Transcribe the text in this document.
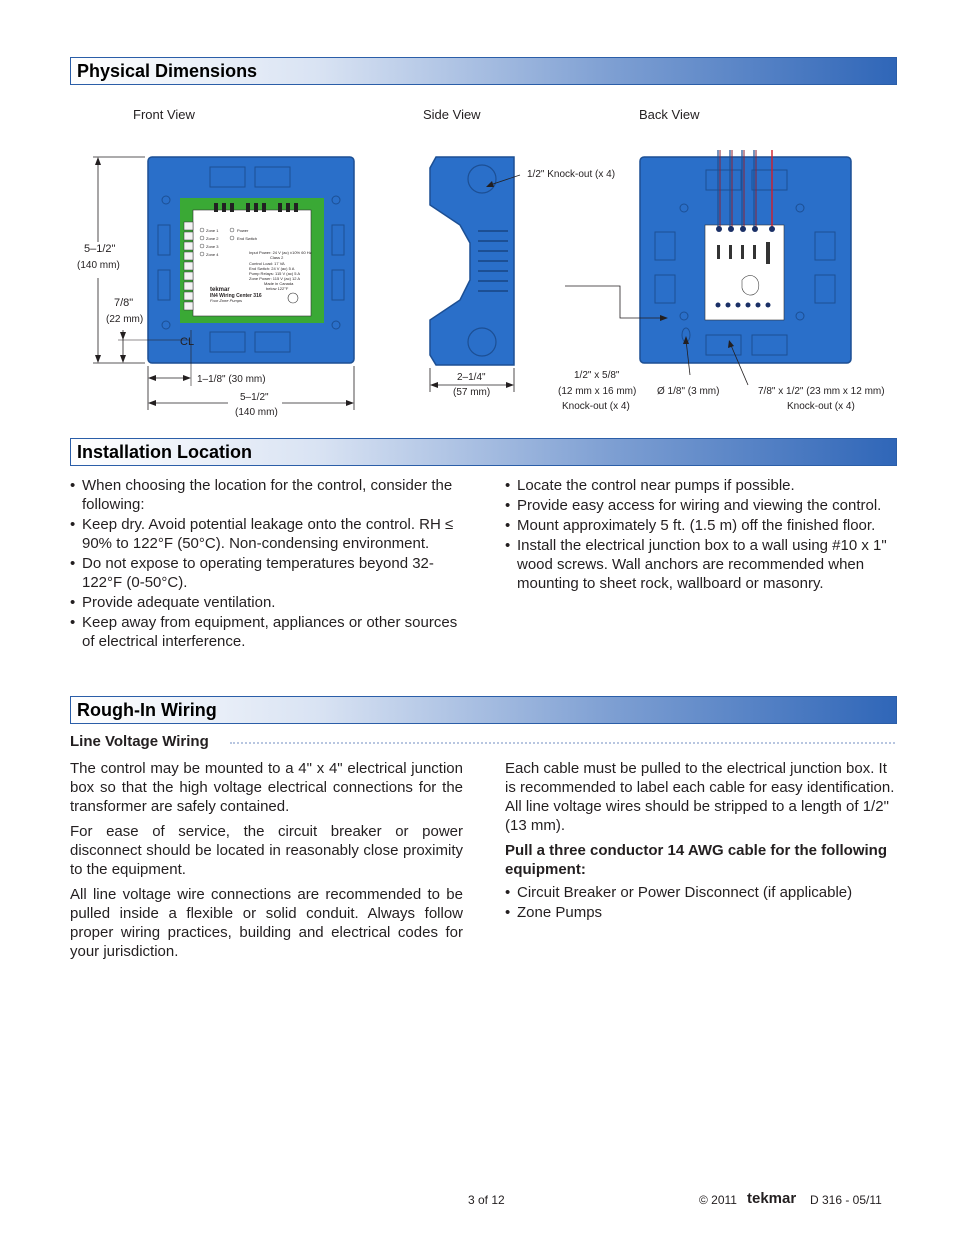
Physical Dimensions
Front View	Side View	Back View
Zone 1
Zone 2
Zone 3
Zone 4
Power
End Switch
Input Power: 24 V (ac) ±10% 60 Hz
Class 2
Control Load: 17 VA
End Switch: 24 V (ac) 5 A
Pump Relays: 115 V (ac) 5 A
Zone Power: 115 V (ac) 12 A
Made in Canada
below 122°F
tekmar
IN4 Wiring Center 316
Four Zone Pumps
5–1/2"
(140 mm)
7/8"
(22 mm)
CL
1–1/8" (30 mm)
5–1/2"
(140 mm)
1/2" Knock-out (x 4)
2–1/4"
(57 mm)
1/2" x 5/8"
(12 mm x 16 mm)
Knock-out (x 4)
Ø 1/8" (3 mm)	7/8" x 1/2" (23 mm x 12 mm)
Knock-out (x 4)
Installation Location
• When choosing the location for the control, consider the following:
• Keep dry. Avoid potential leakage onto the control. RH ≤ 90% to 122°F (50°C). Non-condensing environment.
• Do not expose to operating temperatures beyond 32-122°F (0-50°C).
• Provide adequate ventilation.
• Keep away from equipment, appliances or other sources of electrical interference.
• Locate the control near pumps if possible.
• Provide easy access for wiring and viewing the control.
• Mount approximately 5 ft. (1.5 m) off the finished floor.
• Install the electrical junction box to a wall using #10 x 1" wood screws. Wall anchors are recommended when mounting to sheet rock, wallboard or masonry.
Rough-In Wiring
Line Voltage Wiring

The control may be mounted to a 4" x 4" electrical junction box so that the high voltage electrical connections for the transformer are safely contained.

For ease of service, the circuit breaker or power disconnect should be located in reasonably close proximity to the equipment.

All line voltage wire connections are recommended to be pulled inside a flexible or solid conduit. Always follow proper wiring practices, building and electrical codes for your jurisdiction.

Each cable must be pulled to the electrical junction box. It is recommended to label each cable for easy identification. All line voltage wires should be stripped to a length of 1/2" (13 mm).

Pull a three conductor 14 AWG cable for the following equipment:

• Circuit Breaker or Power Disconnect (if applicable)
• Zone Pumps
3 of 12	© 2011 tekmar D 316 - 05/11
